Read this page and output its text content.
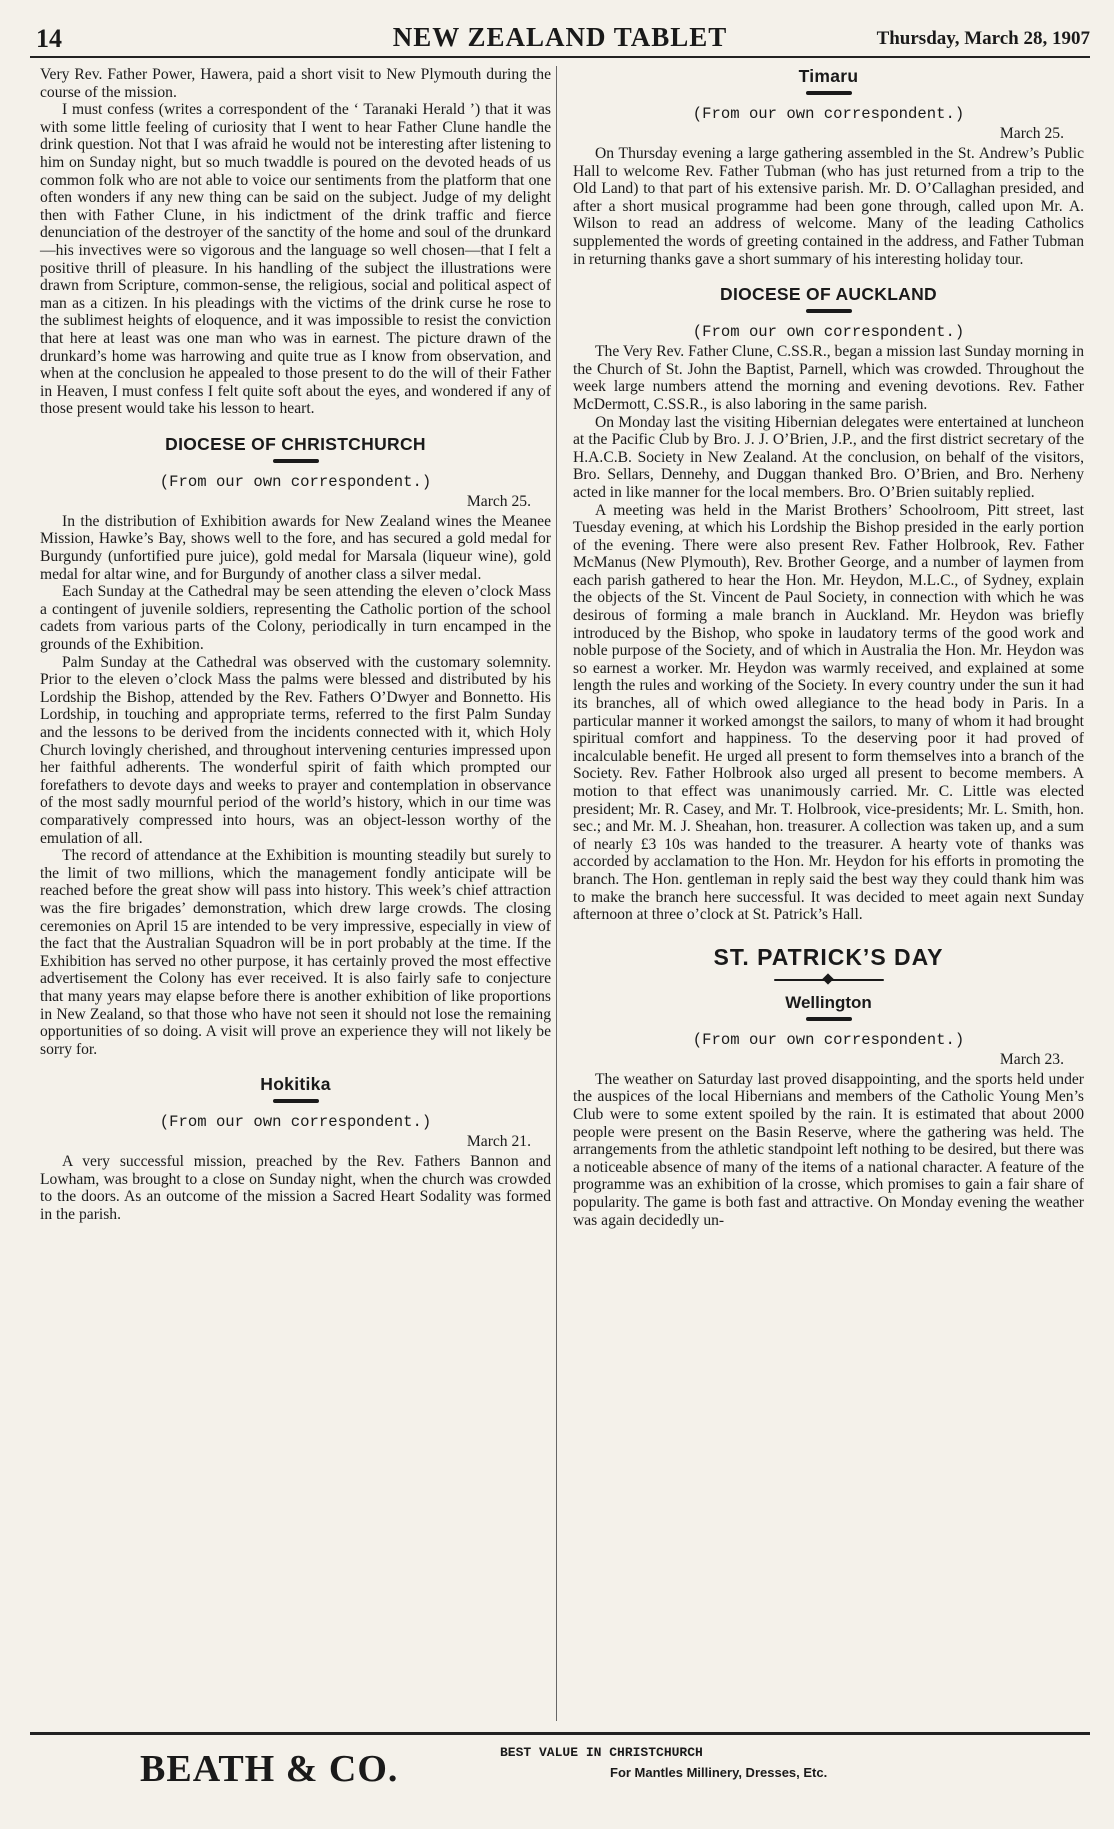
14	NEW ZEALAND TABLET	Thursday, March 28, 1907

Very Rev. Father Power, Hawera, paid a short visit to New Plymouth during the course of the mission.

I must confess (writes a correspondent of the ‘ Taranaki Herald ’) that it was with some little feeling of curiosity that I went to hear Father Clune handle the drink question. Not that I was afraid he would not be interesting after listening to him on Sunday night, but so much twaddle is poured on the devoted heads of us common folk who are not able to voice our sentiments from the platform that one often wonders if any new thing can be said on the subject. Judge of my delight then with Father Clune, in his indictment of the drink traffic and fierce denunciation of the destroyer of the sanctity of the home and soul of the drunkard—his invectives were so vigorous and the language so well chosen—that I felt a positive thrill of pleasure. In his handling of the subject the illustrations were drawn from Scripture, common-sense, the religious, social and political aspect of man as a citizen. In his pleadings with the victims of the drink curse he rose to the sublimest heights of eloquence, and it was impossible to resist the conviction that here at least was one man who was in earnest. The picture drawn of the drunkard’s home was harrowing and quite true as I know from observation, and when at the conclusion he appealed to those present to do the will of their Father in Heaven, I must confess I felt quite soft about the eyes, and wondered if any of those present would take his lesson to heart.

DIOCESE OF CHRISTCHURCH
(From our own correspondent.)
March 25.

In the distribution of Exhibition awards for New Zealand wines the Meanee Mission, Hawke’s Bay, shows well to the fore, and has secured a gold medal for Burgundy (unfortified pure juice), gold medal for Marsala (liqueur wine), gold medal for altar wine, and for Burgundy of another class a silver medal.

Each Sunday at the Cathedral may be seen attending the eleven o’clock Mass a contingent of juvenile soldiers, representing the Catholic portion of the school cadets from various parts of the Colony, periodically in turn encamped in the grounds of the Exhibition.

Palm Sunday at the Cathedral was observed with the customary solemnity. Prior to the eleven o’clock Mass the palms were blessed and distributed by his Lordship the Bishop, attended by the Rev. Fathers O’Dwyer and Bonnetto. His Lordship, in touching and appropriate terms, referred to the first Palm Sunday and the lessons to be derived from the incidents connected with it, which Holy Church lovingly cherished, and throughout intervening centuries impressed upon her faithful adherents. The wonderful spirit of faith which prompted our forefathers to devote days and weeks to prayer and contemplation in observance of the most sadly mournful period of the world’s history, which in our time was comparatively compressed into hours, was an object-lesson worthy of the emulation of all.

The record of attendance at the Exhibition is mounting steadily but surely to the limit of two millions, which the management fondly anticipate will be reached before the great show will pass into history. This week’s chief attraction was the fire brigades’ demonstration, which drew large crowds. The closing ceremonies on April 15 are intended to be very impressive, especially in view of the fact that the Australian Squadron will be in port probably at the time. If the Exhibition has served no other purpose, it has certainly proved the most effective advertisement the Colony has ever received. It is also fairly safe to conjecture that many years may elapse before there is another exhibition of like proportions in New Zealand, so that those who have not seen it should not lose the remaining opportunities of so doing. A visit will prove an experience they will not likely be sorry for.

Hokitika
(From our own correspondent.)
March 21.

A very successful mission, preached by the Rev. Fathers Bannon and Lowham, was brought to a close on Sunday night, when the church was crowded to the doors. As an outcome of the mission a Sacred Heart Sodality was formed in the parish.

Timaru
(From our own correspondent.)
March 25.

On Thursday evening a large gathering assembled in the St. Andrew’s Public Hall to welcome Rev. Father Tubman (who has just returned from a trip to the Old Land) to that part of his extensive parish. Mr. D. O’Callaghan presided, and after a short musical programme had been gone through, called upon Mr. A. Wilson to read an address of welcome. Many of the leading Catholics supplemented the words of greeting contained in the address, and Father Tubman in returning thanks gave a short summary of his interesting holiday tour.

DIOCESE OF AUCKLAND
(From our own correspondent.)

The Very Rev. Father Clune, C.SS.R., began a mission last Sunday morning in the Church of St. John the Baptist, Parnell, which was crowded. Throughout the week large numbers attend the morning and evening devotions. Rev. Father McDermott, C.SS.R., is also laboring in the same parish.

On Monday last the visiting Hibernian delegates were entertained at luncheon at the Pacific Club by Bro. J. J. O’Brien, J.P., and the first district secretary of the H.A.C.B. Society in New Zealand. At the conclusion, on behalf of the visitors, Bro. Sellars, Dennehy, and Duggan thanked Bro. O’Brien, and Bro. Nerheny acted in like manner for the local members. Bro. O’Brien suitably replied.

A meeting was held in the Marist Brothers’ Schoolroom, Pitt street, last Tuesday evening, at which his Lordship the Bishop presided in the early portion of the evening. There were also present Rev. Father Holbrook, Rev. Father McManus (New Plymouth), Rev. Brother George, and a number of laymen from each parish gathered to hear the Hon. Mr. Heydon, M.L.C., of Sydney, explain the objects of the St. Vincent de Paul Society, in connection with which he was desirous of forming a male branch in Auckland. Mr. Heydon was briefly introduced by the Bishop, who spoke in laudatory terms of the good work and noble purpose of the Society, and of which in Australia the Hon. Mr. Heydon was so earnest a worker. Mr. Heydon was warmly received, and explained at some length the rules and working of the Society. In every country under the sun it had its branches, all of which owed allegiance to the head body in Paris. In a particular manner it worked amongst the sailors, to many of whom it had brought spiritual comfort and happiness. To the deserving poor it had proved of incalculable benefit. He urged all present to form themselves into a branch of the Society. Rev. Father Holbrook also urged all present to become members. A motion to that effect was unanimously carried. Mr. C. Little was elected president; Mr. R. Casey, and Mr. T. Holbrook, vice-presidents; Mr. L. Smith, hon. sec.; and Mr. M. J. Sheahan, hon. treasurer. A collection was taken up, and a sum of nearly £3 10s was handed to the treasurer. A hearty vote of thanks was accorded by acclamation to the Hon. Mr. Heydon for his efforts in promoting the branch. The Hon. gentleman in reply said the best way they could thank him was to make the branch here successful. It was decided to meet again next Sunday afternoon at three o’clock at St. Patrick’s Hall.

ST. PATRICK’S DAY
Wellington
(From our own correspondent.)
March 23.

The weather on Saturday last proved disappointing, and the sports held under the auspices of the local Hibernians and members of the Catholic Young Men’s Club were to some extent spoiled by the rain. It is estimated that about 2000 people were present on the Basin Reserve, where the gathering was held. The arrangements from the athletic standpoint left nothing to be desired, but there was a noticeable absence of many of the items of a national character. A feature of the programme was an exhibition of la crosse, which promises to gain a fair share of popularity. The game is both fast and attractive. On Monday evening the weather was again decidedly un-

BEATH & CO.	BEST VALUE IN CHRISTCHURCH
For Mantles Millinery, Dresses, Etc.
